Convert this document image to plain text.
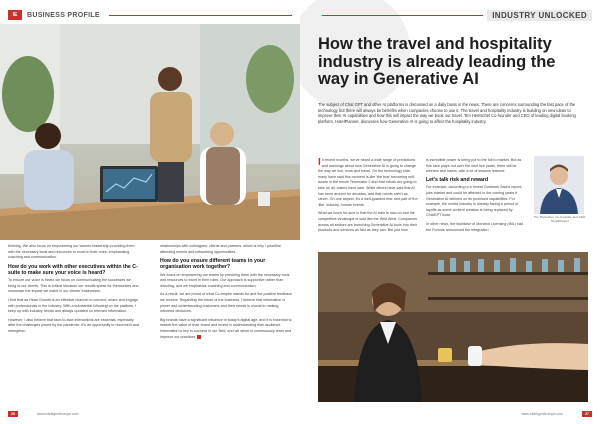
IE BUSINESS PROFILE

thinking. We also focus on empowering our women leadership providing them with the necessary tools and resources to excel in their roles, emphasising coaching and communication.

How do you work with other executives within the C-suite to make sure your voice is heard?

To ensure our voice is heard we focus on communicating the successes we bring to our clients. This is critical because our results speak for themselves and showcase the impact we make in our clients' businesses.

I find that as Head Growth is an effective channel to connect, share and engage with professionals in the industry. With a substantial following on the platform, I keep up with industry trends and always updated on relevant information.

However, I also believe that face-to-face interactions are essential, especially after the challenges posed by the pandemic. It's an opportunity to reconnect and strengthen

relationships with colleagues, clients and partners, which is why I prioritise attending events and networking opportunities.

How do you ensure different teams in your organisation work together?

We focus on empowering our teams by providing them with the necessary tools and resources to excel in their roles. Our approach is supportive rather than directing, and we emphasise coaching and communication.

As a result, we are proud of what Co-Inspire stands for and the positive feedback we receive. Regarding the future of the business, I believe that information is power and understanding customers and their needs is crucial to making informed decisions.

Big brands have a significant influence in today's digital age, and it is essential to market the value of their brand and invest in understanding their audience. Information is key to success in our field, and we strive to continuously learn and improve our practices.

26	www.intelligenteurope.com
INDUSTRY UNLOCKED
How the travel and hospitality industry is already leading the way in Generative AI

The subject of Chat GPT and other AI platforms is discussed on a daily basis in the news. There are concerns surrounding the fast pace of the technology but there will always be benefits when companies choose to use it. The travel and hospitality industry is building on new ideas to improve their AI capabilities and how this will impact the way we book our travel. Tim Hentschel Co-founder and CEO of leading digital booking platform, HotelPlanner, discusses how Generative AI is going to affect the hospitality industry.

In recent months, we've heard a wide range of predictions and warnings about how Generative AI is going to change the way we live, work and travel. On the technology side, many have said this moment is like 'the fear' becoming self-aware in the movie Terminator 2 and that robots are going to take us all, claims have said. While others have said that AI has been around for decades, and that robots aren't as clever. On one aspect, it's a well-guarded fear and part of the 'like' industry, human events.

What we know for sure is that the AI train is now on and the competitive landscape is sold like the Wild West. Companies across all sectors are launching Generative AI tools into their products and services as fast as they can. But just how

is incredible power is being put to the full to market. But as this race plays out over the next five years, there will be winners and losers, with a lot of lessons learned.

Let's talk risk and reward

For example, according to a recent Goldman Sachs report, jobs market and could be affected in the coming years if Generative AI delivers on its promised capabilities. For example, the media industry is already facing a period of layoffs as some content creation is being replaced by ChatGPT tools.

In other news, the facilitator of Mortand Licensing (IML) had the Fortune announced the integration

Tim Hentschel, Co-Founder and CEO, HotelPlanner

www.intelligenteurope.com	27
